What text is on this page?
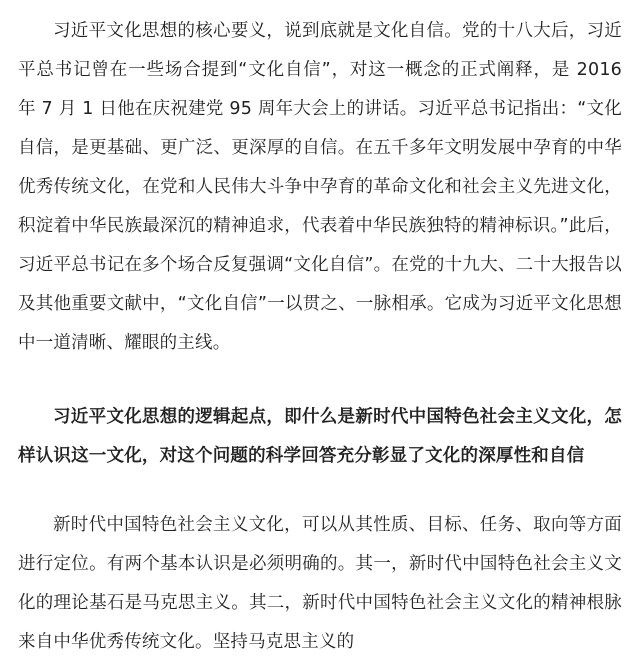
习近平文化思想的核心要义，说到底就是文化自信。党的十八大后，习近平总书记曾在一些场合提到“文化自信”，对这一概念的正式阐释，是 2016 年 7 月 1 日他在庆祝建党 95 周年大会上的讲话。习近平总书记指出：“文化自信，是更基础、更广泛、更深厚的自信。在五千多年文明发展中孕育的中华优秀传统文化，在党和人民伟大斗争中孕育的革命文化和社会主义先进文化，积淀着中华民族最深沉的精神追求，代表着中华民族独特的精神标识。”此后，习近平总书记在多个场合反复强调“文化自信”。在党的十九大、二十大报告以及其他重要文献中，“文化自信”一以贯之、一脉相承。它成为习近平文化思想中一道清晰、耀眼的主线。

习近平文化思想的逻辑起点，即什么是新时代中国特色社会主义文化，怎样认识这一文化，对这个问题的科学回答充分彰显了文化的深厚性和自信

新时代中国特色社会主义文化，可以从其性质、目标、任务、取向等方面进行定位。有两个基本认识是必须明确的。其一，新时代中国特色社会主义文化的理论基石是马克思主义。其二，新时代中国特色社会主义文化的精神根脉来自中华优秀传统文化。坚持马克思主义的
